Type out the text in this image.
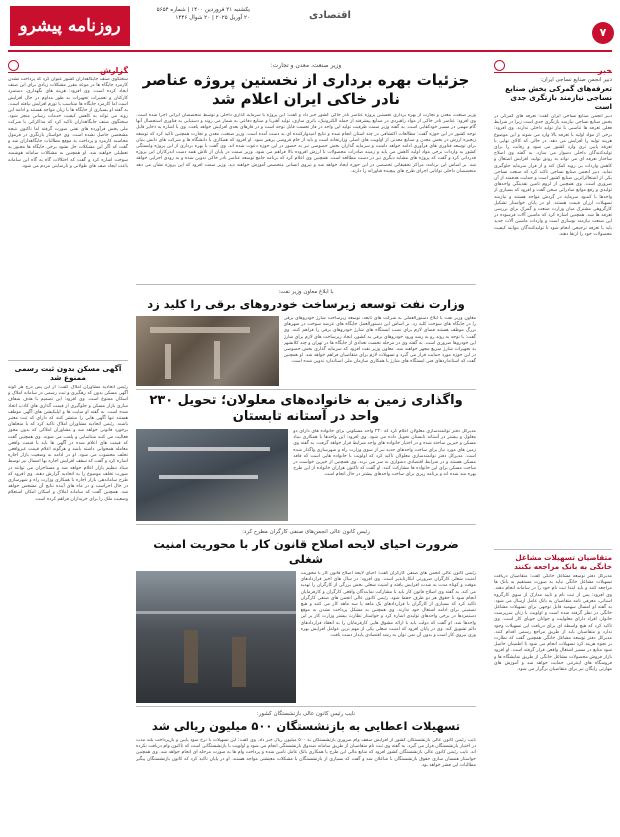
روزنامه پیشرو
یکشنبه ۳۱ فروردین ۱۴۰۰ | شماره ۵۶۵۴
۲۰ آوریل ۲۰۲۵ | ۲۰ شوال ۱۴۴۶	اقتصادی
۷
خبر
دبیر انجمن صنایع نساجی ایران:
تعرفه‌های گمرکی بخش صنایع نساجی نیازمند بازنگری جدی است
دبیر انجمن صنایع نساجی ایران گفت: تعرفه های گمرکی در بخش صنایع نساجی نیازمند بازنگری جدی است زیرا در شرایط فعلی تعرفه ها تناسبی با نیاز تولید داخلی ندارند. وی افزود: برخی از مواد اولیه با تعرفه بالا وارد می شوند و این موضوع هزینه تولید را افزایش می دهد. در حالی که کالای نهایی با تعرفه پایین تری وارد کشور می شود و رقابت را برای تولیدکنندگان داخلی دشوار می سازد. به گفته وی اصلاح ساختار تعرفه ای می تواند به رونق تولید، افزایش اشتغال و کاهش واردات بی رویه کمک کند و از فرار سرمایه جلوگیری نماید. دبیر انجمن صنایع نساجی تاکید کرد که صنعت نساجی یکی از اشتغالزاترین صنایع کشور است و حمایت هدفمند از آن ضروری است. وی همچنین از لزوم تامین نقدینگی واحدهای تولیدی و رفع موانع صادراتی سخن گفت و افزود که بسیاری از واحدها با کمبود سرمایه در گردش مواجه هستند و نیازمند تسهیلات ارزان قیمت هستند. او در پایان خواستار تشکیل کارگروهی مشترک میان وزارت صنعت و گمرک برای بررسی تعرفه ها شد. همچنین اشاره کرد که ماشین آلات فرسوده در این صنعت نیازمند نوسازی است و واردات ماشین آلات جدید باید با تعرفه ترجیحی انجام شود تا تولیدکنندگان بتوانند کیفیت محصولات خود را ارتقا دهند.
متقاضیان تسهیلات مشاغل خانگی به بانک مراجعه نکنند
مدیرکل دفتر توسعه مشاغل خانگی گفت: متقاضیان دریافت تسهیلات مشاغل خانگی نباید به صورت مستقیم به بانک ها مراجعه کنند و باید ابتدا ثبت نام خود را در سامانه انجام دهند. وی افزود: پس از ثبت نام و تایید مدارک از سوی کارگروه استانی، معرفی نامه متقاضیان به بانک عامل ارسال می شود. به گفته او امسال سهمیه قابل توجهی برای تسهیلات مشاغل خانگی در نظر گرفته شده است و اولویت با زنان سرپرست خانوار، افراد دارای معلولیت و جوانان جویای کار است. وی تاکید کرد که هیچ واسطه ای برای دریافت این تسهیلات وجود ندارد و متقاضیان باید از طریق مراجع رسمی اقدام کنند. مدیرکل دفتر توسعه مشاغل خانگی همچنین گفت که نظارت بر نحوه هزینه کرد تسهیلات انجام می شود تا اطمینان حاصل شود منابع در مسیر اشتغال واقعی قرار گرفته است. او افزود بازار فروش محصولات مشاغل خانگی از طریق نمایشگاه ها و فروشگاه های اینترنتی حمایت خواهد شد و آموزش های مهارتی رایگان نیز برای متقاضیان برگزار می شود.
گزارش
سخنگوی صنف جایگاهداران کشور عنوان کرد که پرداخت نشدن کارمزد جایگاه ها در موعد مقرر مشکلات زیادی برای این صنف ایجاد کرده است. وی افزود: هزینه های نگهداری، دستمزد کارکنان و تعمیرات تجهیزات به طور مداوم در حال افزایش است اما کارمزد جایگاه ها متناسب با تورم افزایش نیافته است. به گفته او بسیاری از جایگاه ها با زیان مواجه هستند و ادامه این روند می تواند به کاهش کیفیت خدمات رسانی منجر شود. سخنگوی صنف جایگاهداران تاکید کرد که مذاکراتی با شرکت ملی پخش فرآورده های نفتی صورت گرفته اما تاکنون نتیجه مشخصی حاصل نشده است. وی خواستار بازنگری در فرمول محاسبه کارمزد و پرداخت به موقع مطالبات جایگاهداران شد و گفت که اگر این مشکلات حل نشود برخی جایگاه ها مجبور به تعطیلی خواهند شد. او همچنین به مشکلات سامانه هوشمند سوخت اشاره کرد و گفت که اختلالات گاه به گاه این سامانه باعث ایجاد صف های طولانی و نارضایتی مردم می شود.
آگهی مسکن بدون ثبت رسمی ممنوع شد
رئیس اتحادیه مشاوران املاک گفت: از این پس درج هر گونه آگهی مسکن بدون کد رهگیری و ثبت رسمی در سامانه املاک و اسکان ممنوع است. وی افزود: این تصمیم با هدف شفاف سازی بازار مسکن و جلوگیری از قیمت گذاری های کاذب اتخاذ شده است. به گفته او سایت ها و اپلیکیشن های آگهی موظف هستند تنها آگهی هایی را منتشر کنند که دارای کد ثبت معتبر باشند. رئیس اتحادیه مشاوران املاک تاکید کرد که با متخلفان برخورد قانونی خواهد شد و مشاوران املاکی که بدون مجوز فعالیت می کنند شناسایی و پلمب می شوند. وی همچنین گفت که قیمت های اعلام شده در آگهی ها باید با قیمت واقعی معامله همخوانی داشته باشد و هرگونه اعلام قیمت غیرواقعی تخلف محسوب می شود. او در ادامه به وضعیت بازار اجاره اشاره کرد و گفت که سقف افزایش اجاره بها امسال نیز توسط ستاد تنظیم بازار اعلام خواهد شد و مستاجران می توانند در صورت تخلف موضوع را به اتحادیه گزارش دهند. وی افزود که طرح ساماندهی بازار اجاره با همکاری وزارت راه و شهرسازی در حال اجراست و در ماه های آینده نتایج آن مشخص خواهد شد. همچنین گفت که سامانه املاک و اسکان امکان استعلام وضعیت ملک را برای خریداران فراهم کرده است.
وزیر صنعت، معدن و تجارت:
جزئیات بهره برداری از نخستین پروژه عناصر نادر خاکی ایران اعلام شد
وزیر صنعت، معدن و تجارت از بهره برداری نخستین پروژه عناصر نادر خاکی کشور خبر داد و گفت: این پروژه با سرمایه گذاری داخلی و توسط متخصصان ایرانی اجرا شده است. وی افزود: عناصر نادر خاکی از مواد راهبردی در صنایع پیشرفته از جمله الکترونیک، باتری سازی، تولید آهنربا و صنایع دفاعی به شمار می روند و دستیابی به فناوری استحصال آنها گام مهمی در مسیر خودکفایی است. به گفته وزیر صمت ظرفیت تولید این واحد در فاز نخست قابل توجه است و در فازهای بعدی افزایش خواهد یافت. وی با اشاره به ذخایر قابل توجه کشور در این حوزه گفت: مطالعات اکتشافی در چند استان انجام شده و نتایج امیدوارکننده ای به دست آمده است. وزیر صنعت، معدن و تجارت همچنین تاکید کرد که توسعه زنجیره ارزش در بخش معدن و صنایع معدنی از اولویت های اصلی وزارتخانه است و باید از خام فروشی پرهیز شود. او افزود که همکاری با دانشگاه ها و شرکت های دانش بنیان برای توسعه فناوری های فرآوری ادامه خواهد داشت و سرمایه گذاران بخش خصوصی نیز به حضور در این حوزه دعوت شده اند. وی گفت با بهره برداری از این پروژه وابستگی کشور به واردات برخی مواد اولیه کاهش می یابد و زمینه صادرات محصولات با ارزش افزوده بالا فراهم می شود. وزیر صمت در پایان از تلاش همه دست اندرکاران این پروژه قدردانی کرد و گفت که پروژه های مشابه دیگری نیز در دست مطالعه است. همچنین وی اعلام کرد که برنامه جامع توسعه عناصر نادر خاکی تدوین شده و به زودی اجرایی خواهد شد. بر اساس این برنامه، مراکز تحقیقاتی تخصصی در این حوزه ایجاد خواهد شد و نیروی انسانی متخصص آموزش خواهند دید. وزیر صمت افزود که این پروژه نشان می دهد متخصصان داخلی توانایی اجرای طرح های پیچیده فناورانه را دارند.
با ابلاغ معاون وزیر نفت:
وزارت نفت توسعه زیرساخت خودروهای برقی را کلید زد
معاون وزیر نفت با ابلاغ دستورالعملی به شرکت های تابعه، توسعه زیرساخت شارژ خودروهای برقی را در جایگاه های سوخت کلید زد. بر اساس این دستورالعمل جایگاه های عرضه سوخت در شهرهای بزرگ موظف هستند فضای لازم برای نصب ایستگاه های شارژ خودروهای برقی را فراهم کنند. وی گفت: با توجه به روند رو به رشد ورود خودروهای برقی به کشور، ایجاد زیرساخت های لازم برای شارژ این خودروها ضروری است. به گفته وی در مرحله نخست تعدادی از جایگاه ها در تهران و چند کلانشهر به تجهیزات شارژ سریع مجهز خواهند شد. معاون وزیر نفت افزود که سرمایه گذاری بخش خصوصی در این حوزه مورد حمایت قرار می گیرد و تسهیلات لازم برای متقاضیان فراهم خواهد شد. او همچنین گفت که استانداردهای فنی ایستگاه های شارژ با همکاری سازمان ملی استاندارد تدوین شده است.
واگذاری زمین به خانواده‌های معلولان؛ تحویل ۲۳۰ واحد در آستانه تابستان
مدیرکل دفتر توانمندسازی معلولان اعلام کرد که ۲۳۰ واحد مسکونی برای خانواده های دارای دو معلول و بیشتر در آستانه تابستان تحویل داده می شود. وی افزود: این واحدها با همکاری بنیاد مسکن و خیرین ساخته شده و در اختیار خانواده های واجد شرایط قرار خواهد گرفت. به گفته وی زمین های مورد نیاز برای ساخت واحدهای جدید نیز از سوی وزارت راه و شهرسازی واگذار شده است. مدیرکل دفتر توانمندسازی معلولان تاکید کرد که اولویت با خانواده هایی است که فاقد مسکن هستند و در شرایط اقتصادی دشواری به سر می برند. وی همچنین از خیرین خواست در ساخت مسکن برای این خانواده ها مشارکت کنند. او گفت که تاکنون هزاران خانواده از این طرح بهره مند شده اند و برنامه ریزی برای ساخت واحدهای بیشتر در حال انجام است.
رئیس کانون عالی انجمن‌های صنفی کارگران مطرح کرد:
ضرورت احیای لایحه اصلاح قانون کار با محوریت امنیت شغلی
رئیس کانون عالی انجمن های صنفی کارگران گفت: احیای لایحه اصلاح قانون کار با محوریت امنیت شغلی کارگران ضرورتی انکارناپذیر است. وی افزود: در سال های اخیر قراردادهای موقت و کوتاه مدت به شدت افزایش یافته و امنیت شغلی بخش بزرگی از کارگران را تهدید می کند. به گفته وی اصلاح قانون کار باید با مشارکت نمایندگان واقعی کارگران و کارفرمایان انجام شود تا حقوق هر دو طرف حفظ شود. رئیس کانون عالی انجمن های صنفی کارگران تاکید کرد که بسیاری از کارگران با قراردادهای یک ماهه یا سه ماهه کار می کنند و هیچ تضمینی برای ادامه اشتغال خود ندارند. وی همچنین به مشکل پرداخت نشدن به موقع دستمزدها در برخی واحدهای تولیدی اشاره کرد و خواستار نظارت بیشتر وزارت کار بر این واحدها شد. او گفت که دولت باید با ارائه مشوق هایی کارفرمایان را به انعقاد قراردادهای دائم تشویق کند. وی در پایان افزود که امنیت شغلی یکی از مهم ترین عوامل افزایش بهره وری نیروی کار است و بدون آن نمی توان به رشد اقتصادی پایدار دست یافت.
نایب رئیس کانون عالی بازنشستگان کشور:
تسهیلات اعطایی به بازنشستگان ۵۰۰ میلیون ریالی شد
نایب رئیس کانون عالی بازنشستگان کشور از افزایش سقف وام ضروری بازنشستگان به ۵۰۰ میلیون ریال خبر داد. وی گفت: این تسهیلات با نرخ سود پایین و بازپرداخت بلند مدت در اختیار بازنشستگان قرار می گیرد. به گفته وی ثبت نام متقاضیان از طریق سامانه صندوق بازنشستگی انجام می شود و اولویت با بازنشستگانی است که تاکنون وام دریافت نکرده اند. نایب رئیس کانون عالی بازنشستگان کشور افزود که منابع مالی این طرح با همکاری بانک عامل تامین شده و پرداخت وام ها به صورت مرحله ای انجام خواهد شد. وی همچنین خواستار همسان سازی حقوق بازنشستگان با شاغلان شد و گفت که بسیاری از بازنشستگان با مشکلات معیشتی مواجه هستند. او در پایان تاکید کرد که کانون بازنشستگان پیگیر مطالبات این قشر خواهد بود.
